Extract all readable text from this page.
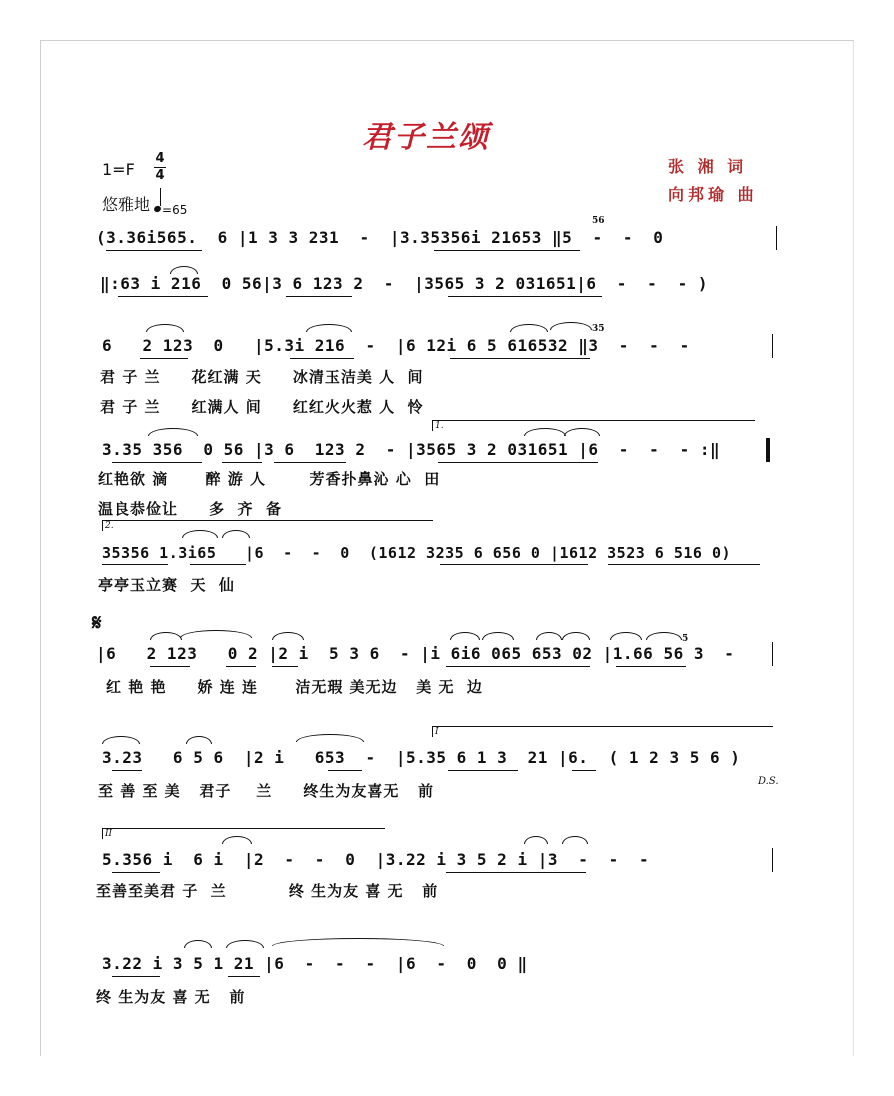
君子兰颂
1=F
4
4
悠雅地 $_{=65}$
张 湘 词
向邦瑜 曲
(3.36i565.  6 |1 3 3 231  -  |3.35356i 21653 ‖5  -  -  0
56
‖:63 i 216  0 56|3 6 123 2  -  |3565 3 2 031651|6  -  -  - )
6   2 123  0   |5.3i 216  -  |6 12i 6 5 616532 ‖3  -  -  -
35
君 子 兰     花红满 天     冰清玉洁美 人  间
君 子 兰     红满人 间     红红火火惹 人  怜
1.
3.35 356  0 56 |3 6  123 2  - |3565 3 2 031651 |6  -  -  - :‖
红艳欲 滴      醉 游 人       芳香扑鼻沁 心  田
温良恭俭让     多  齐  备
2.
35356 1.3i65   |6  -  -  0  (1612 3235 6 656 0 |1612 3523 6 516 0)
亭亭玉立赛  天  仙
𝄋
|6   2 123   0 2 |2 i  5 3 6  - |i 6i6 065 653 02 |1.66 56 3  -
5
红 艳 艳     娇 连 连      洁无瑕 美无边   美 无  边
I
3.23   6 5 6  |2 i   653  -  |5.35 6 1 3  21 |6.  ( 1 2 3 5 6 )
D.S.
至 善 至 美   君子    兰     终生为友喜无   前
II
5.356 i  6 i  |2  -  -  0  |3.22 i 3 5 2 i |3  -  -  -
至善至美君 子  兰          终 生为友 喜 无   前
3.22 i 3 5 1 21 |6  -  -  -  |6  -  0  0 ‖
终 生为友 喜 无   前
